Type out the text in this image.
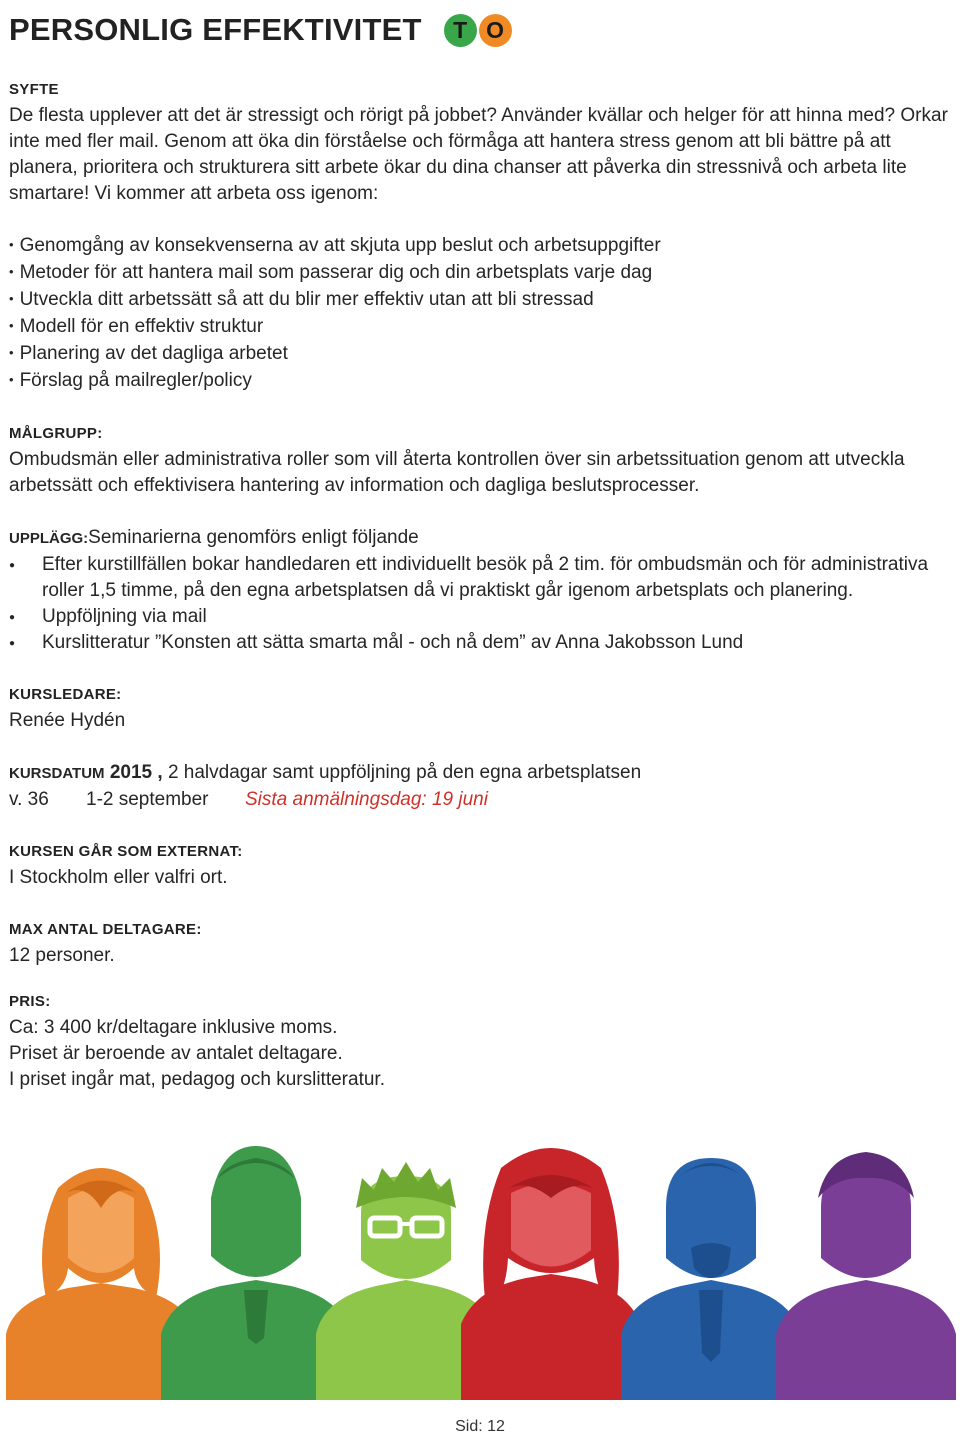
PERSONLIG EFFEKTIVITET	T O
SYFTE

De flesta upplever att det är stressigt och rörigt på jobbet? Använder kvällar och helger för att hinna med? Orkar inte med fler mail. Genom att öka din förståelse och förmåga att hantera stress genom att bli bättre på att planera, prioritera och strukturera sitt arbete ökar du dina chanser att påverka din stressnivå och arbeta lite smartare! Vi kommer att arbeta oss igenom:

• Genomgång av konsekvenserna av att skjuta upp beslut och arbetsuppgifter
• Metoder för att hantera mail som passerar dig och din arbetsplats varje dag
• Utveckla ditt arbetssätt så att du blir mer effektiv utan att bli stressad
• Modell för en effektiv struktur
• Planering av det dagliga arbetet
• Förslag på mailregler/policy
MÅLGRUPP:

Ombudsmän eller administrativa roller som vill återta kontrollen över sin arbetssituation genom att utveckla arbetssätt och effektivisera hantering av information och dagliga beslutsprocesser.

UPPLÄGG:Seminarierna genomförs enligt följande

● Efter kurstillfällen bokar handledaren ett individuellt besök på 2 tim. för ombudsmän och för administrativa roller 1,5 timme, på den egna arbetsplatsen då vi praktiskt går igenom arbetsplats och planering.
● Uppföljning via mail
● Kurslitteratur ”Konsten att sätta smarta mål - och nå dem” av Anna Jakobsson Lund
KURSLEDARE:

Renée Hydén

KURSDATUM 2015 , 2 halvdagar samt uppföljning på den egna arbetsplatsen

v. 36 1-2 september Sista anmälningsdag: 19 juni

KURSEN GÅR SOM EXTERNAT:

I Stockholm eller valfri ort.

MAX ANTAL DELTAGARE:

12 personer.

PRIS:

Ca: 3 400 kr/deltagare inklusive moms.

Priset är beroende av antalet deltagare.

I priset ingår mat, pedagog och kurslitteratur.

Sid: 12
